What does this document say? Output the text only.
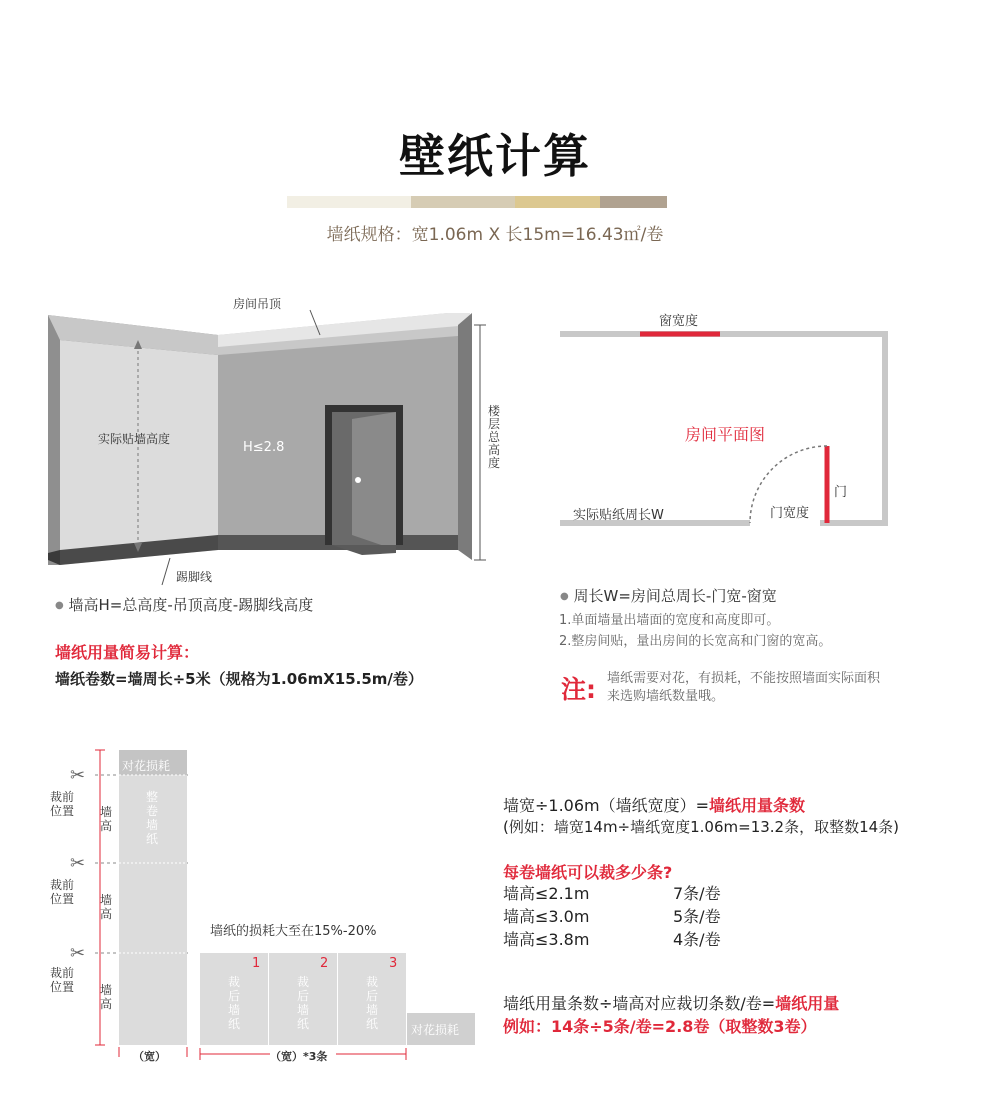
壁纸计算
墙纸规格：宽1.06m X 长15m=16.43㎡/卷
房间吊顶
实际贴墙高度
H≤2.8
踢脚线
楼
层
总
高
度
● 墙高H=总高度-吊顶高度-踢脚线高度
窗宽度
房间平面图
门
门宽度
实际贴纸周长W
● 周长W=房间总周长-门宽-窗宽
1.单面墙量出墙面的宽度和高度即可。
2.整房间贴，量出房间的长宽高和门窗的宽高。
注: 墙纸需要对花，有损耗，不能按照墙面实际面积
来选购墙纸数量哦。
墙纸用量简易计算：
墙纸卷数=墙周长÷5米（规格为1.06mX15.5m/卷）
✂
✂
✂
裁前
位置
裁前
位置
裁前
位置
墙
高
墙
高
墙
高
对花损耗
整
卷
墙
纸
墙纸的损耗大至在15%-20%
1	2	3
裁
后
墙
纸
裁
后
墙
纸
裁
后
墙
纸	对花损耗
（宽）	（宽）*3条
墙宽÷1.06m（墙纸宽度）=墙纸用量条数
(例如：墙宽14m÷墙纸宽度1.06m=13.2条，取整数14条)
每卷墙纸可以裁多少条?
墙高≤2.1m	7条/卷
墙高≤3.0m	5条/卷
墙高≤3.8m	4条/卷
墙纸用量条数÷墙高对应裁切条数/卷=墙纸用量
例如：14条÷5条/卷=2.8卷（取整数3卷）
